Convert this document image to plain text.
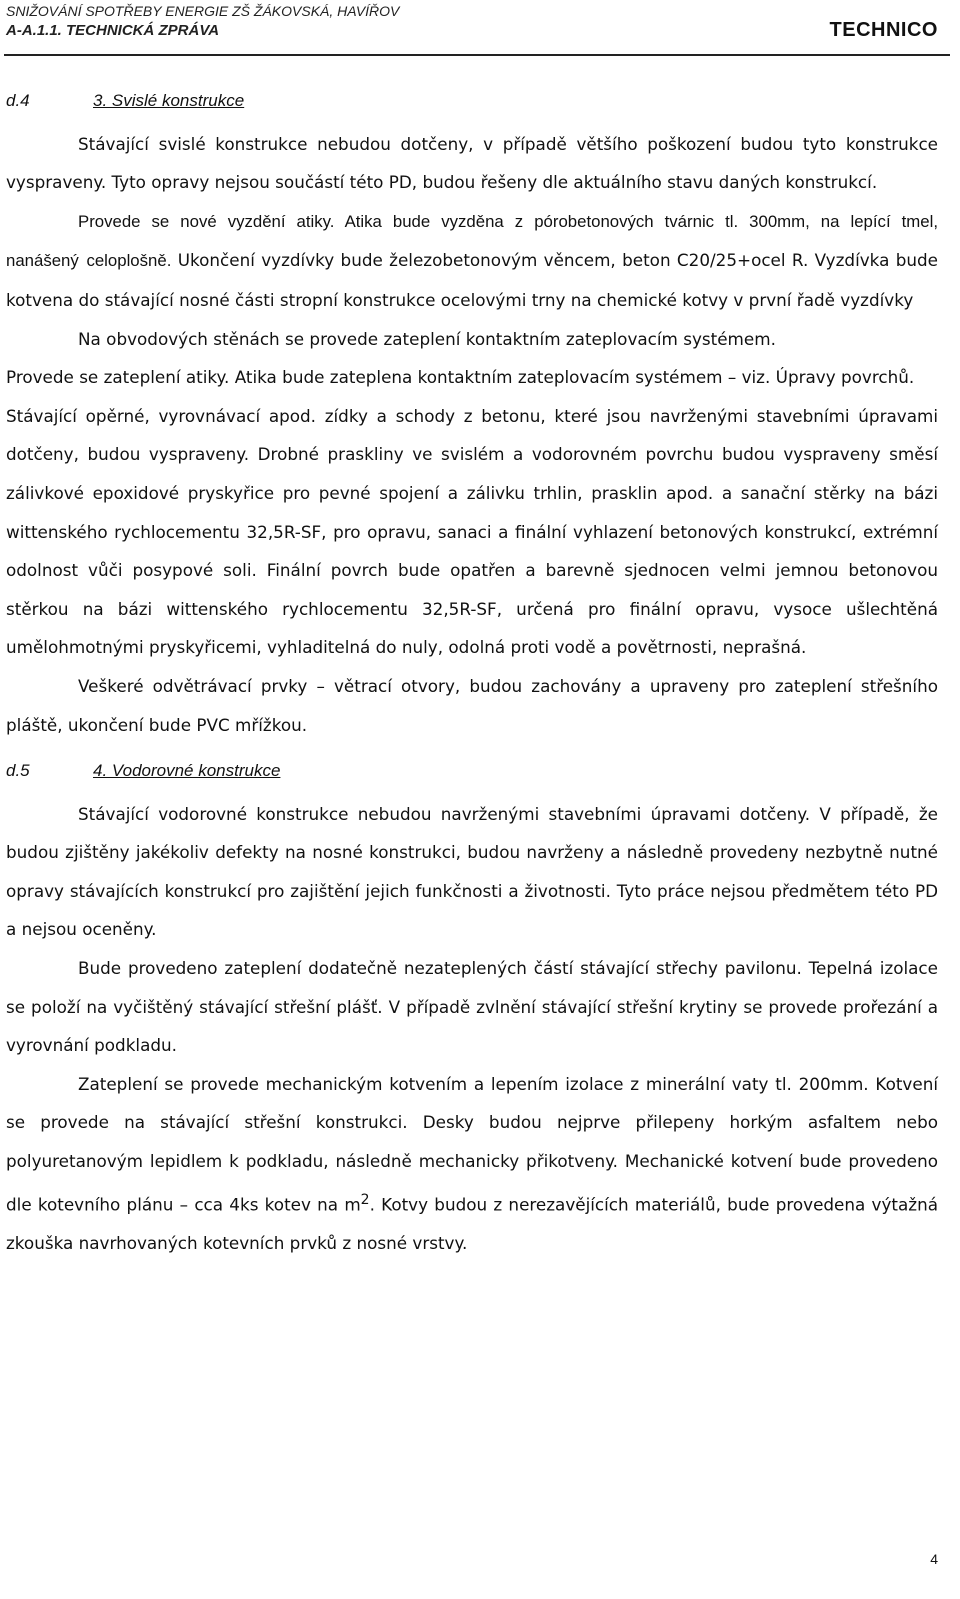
SNIŽOVÁNÍ SPOTŘEBY ENERGIE ZŠ ŽÁKOVSKÁ, HAVÍŘOV
A-A.1.1. TECHNICKÁ ZPRÁVA	TECHNICO
d.4	3. Svislé konstrukce

Stávající svislé konstrukce nebudou dotčeny, v případě většího poškození budou tyto konstrukce vyspraveny. Tyto opravy nejsou součástí této PD, budou řešeny dle aktuálního stavu daných konstrukcí.

Provede se nové vyzdění atiky. Atika bude vyzděna z pórobetonových tvárnic tl. 300mm, na lepící tmel, nanášený celoplošně. Ukončení vyzdívky bude železobetonovým věncem, beton C20/25+ocel R. Vyzdívka bude kotvena do stávající nosné části stropní konstrukce ocelovými trny na chemické kotvy v první řadě vyzdívky

Na obvodových stěnách se provede zateplení kontaktním zateplovacím systémem.

Provede se zateplení atiky. Atika bude zateplena kontaktním zateplovacím systémem – viz. Úpravy povrchů.

Stávající opěrné, vyrovnávací apod. zídky a schody z betonu, které jsou navrženými stavebními úpravami dotčeny, budou vyspraveny. Drobné praskliny ve svislém a vodorovném povrchu budou vyspraveny směsí zálivkové epoxidové pryskyřice pro pevné spojení a zálivku trhlin, prasklin apod. a sanační stěrky na bázi wittenského rychlocementu 32,5R-SF, pro opravu, sanaci a finální vyhlazení betonových konstrukcí, extrémní odolnost vůči posypové soli. Finální povrch bude opatřen a barevně sjednocen velmi jemnou betonovou stěrkou na bázi wittenského rychlocementu 32,5R-SF, určená pro finální opravu, vysoce ušlechtěná umělohmotnými pryskyřicemi, vyhladitelná do nuly, odolná proti vodě a povětrnosti, neprašná.

Veškeré odvětrávací prvky – větrací otvory, budou zachovány a upraveny pro zateplení střešního pláště, ukončení bude PVC mřížkou.

d.5	4. Vodorovné konstrukce

Stávající vodorovné konstrukce nebudou navrženými stavebními úpravami dotčeny. V případě, že budou zjištěny jakékoliv defekty na nosné konstrukci, budou navrženy a následně provedeny nezbytně nutné opravy stávajících konstrukcí pro zajištění jejich funkčnosti a životnosti. Tyto práce nejsou předmětem této PD a nejsou oceněny.

Bude provedeno zateplení dodatečně nezateplených částí stávající střechy pavilonu. Tepelná izolace se položí na vyčištěný stávající střešní plášť. V případě zvlnění stávající střešní krytiny se provede prořezání a vyrovnání podkladu.

Zateplení se provede mechanickým kotvením a lepením izolace z minerální vaty tl. 200mm. Kotvení se provede na stávající střešní konstrukci. Desky budou nejprve přilepeny horkým asfaltem nebo polyuretanovým lepidlem k podkladu, následně mechanicky přikotveny. Mechanické kotvení bude provedeno dle kotevního plánu – cca 4ks kotev na $m^2$. Kotvy budou z nerezavějících materiálů, bude provedena výtažná zkouška navrhovaných kotevních prvků z nosné vrstvy.

4
